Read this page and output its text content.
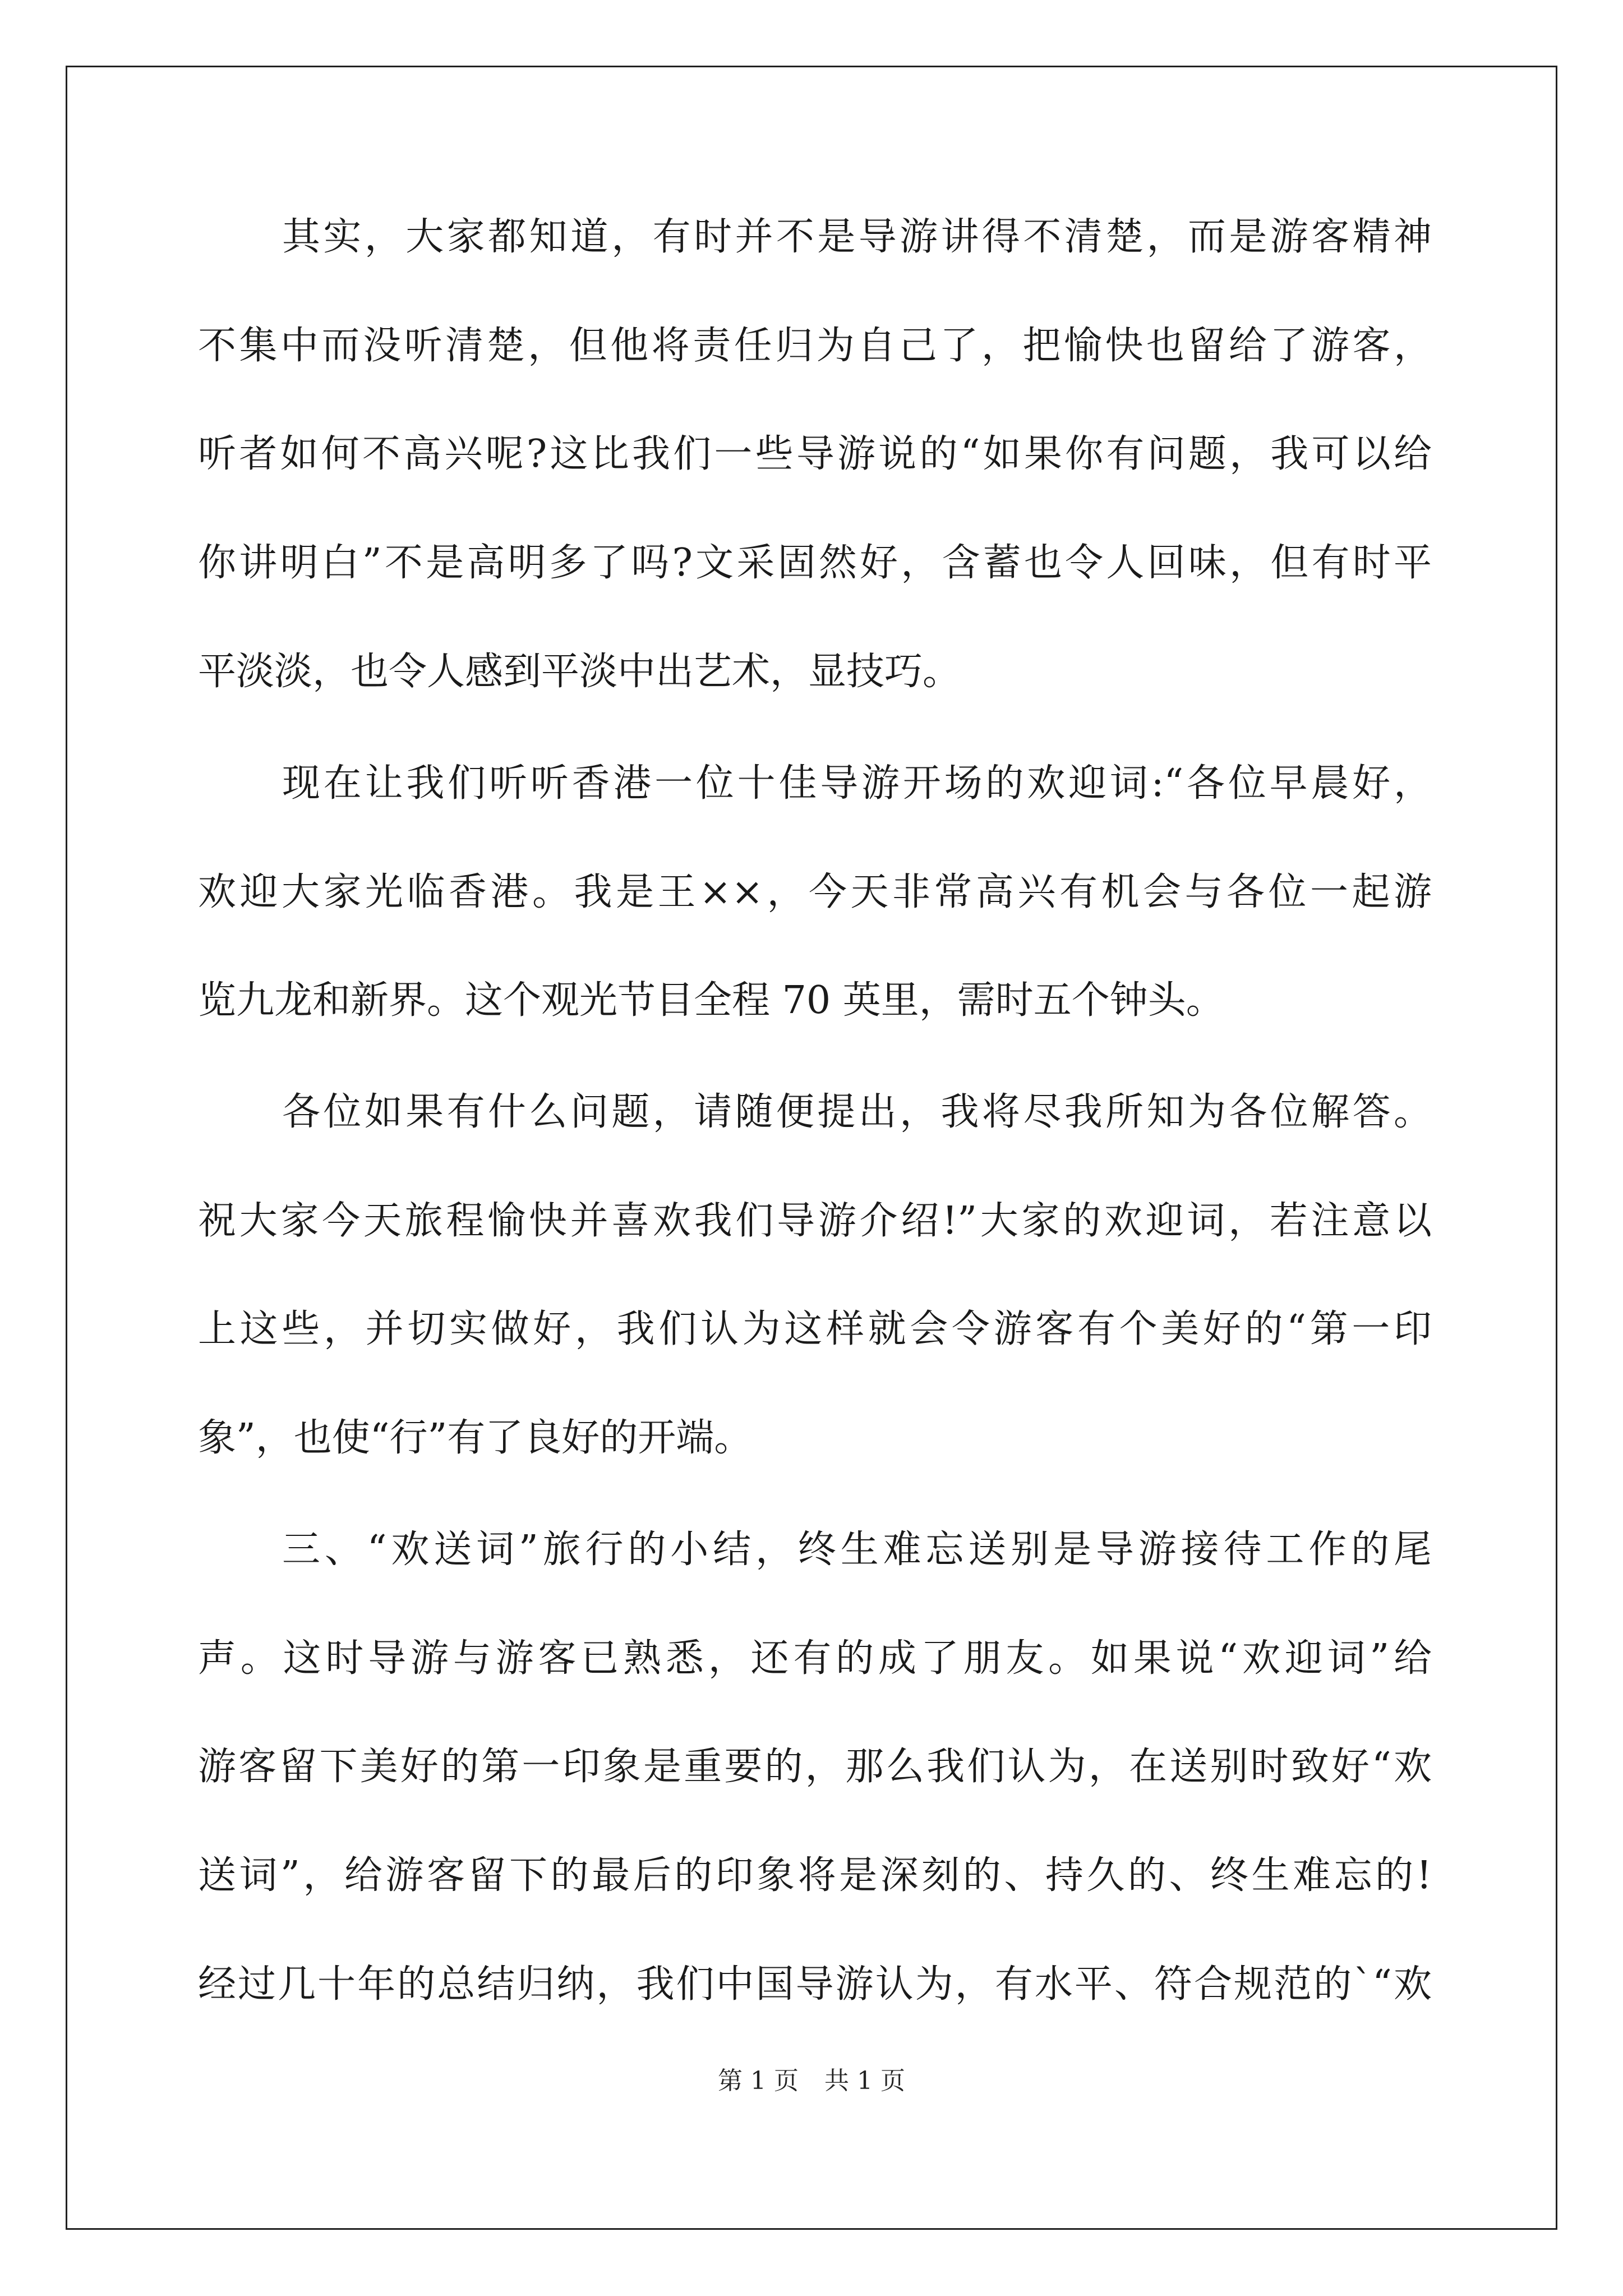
其实，大家都知道，有时并不是导游讲得不清楚，而是游客精神
不集中而没听清楚，但他将责任归为自己了，把愉快也留给了游客，
听者如何不高兴呢?这比我们一些导游说的“如果你有问题，我可以给
你讲明白”不是高明多了吗?文采固然好，含蓄也令人回味，但有时平
平淡淡，也令人感到平淡中出艺术，显技巧。
现在让我们听听香港一位十佳导游开场的欢迎词:“各位早晨好，
欢迎大家光临香港。我是王××，今天非常高兴有机会与各位一起游
览九龙和新界。这个观光节目全程 70 英里，需时五个钟头。
各位如果有什么问题，请随便提出，我将尽我所知为各位解答。
祝大家今天旅程愉快并喜欢我们导游介绍!”大家的欢迎词，若注意以
上这些，并切实做好，我们认为这样就会令游客有个美好的“第一印
象”，也使“行”有了良好的开端。
三、“欢送词”旅行的小结，终生难忘送别是导游接待工作的尾
声。这时导游与游客已熟悉，还有的成了朋友。如果说“欢迎词”给
游客留下美好的第一印象是重要的，那么我们认为，在送别时致好“欢
送词”，给游客留下的最后的印象将是深刻的、持久的、终生难忘的!
经过几十年的总结归纳，我们中国导游认为，有水平、符合规范的`“欢
第 1 页 共 1 页
